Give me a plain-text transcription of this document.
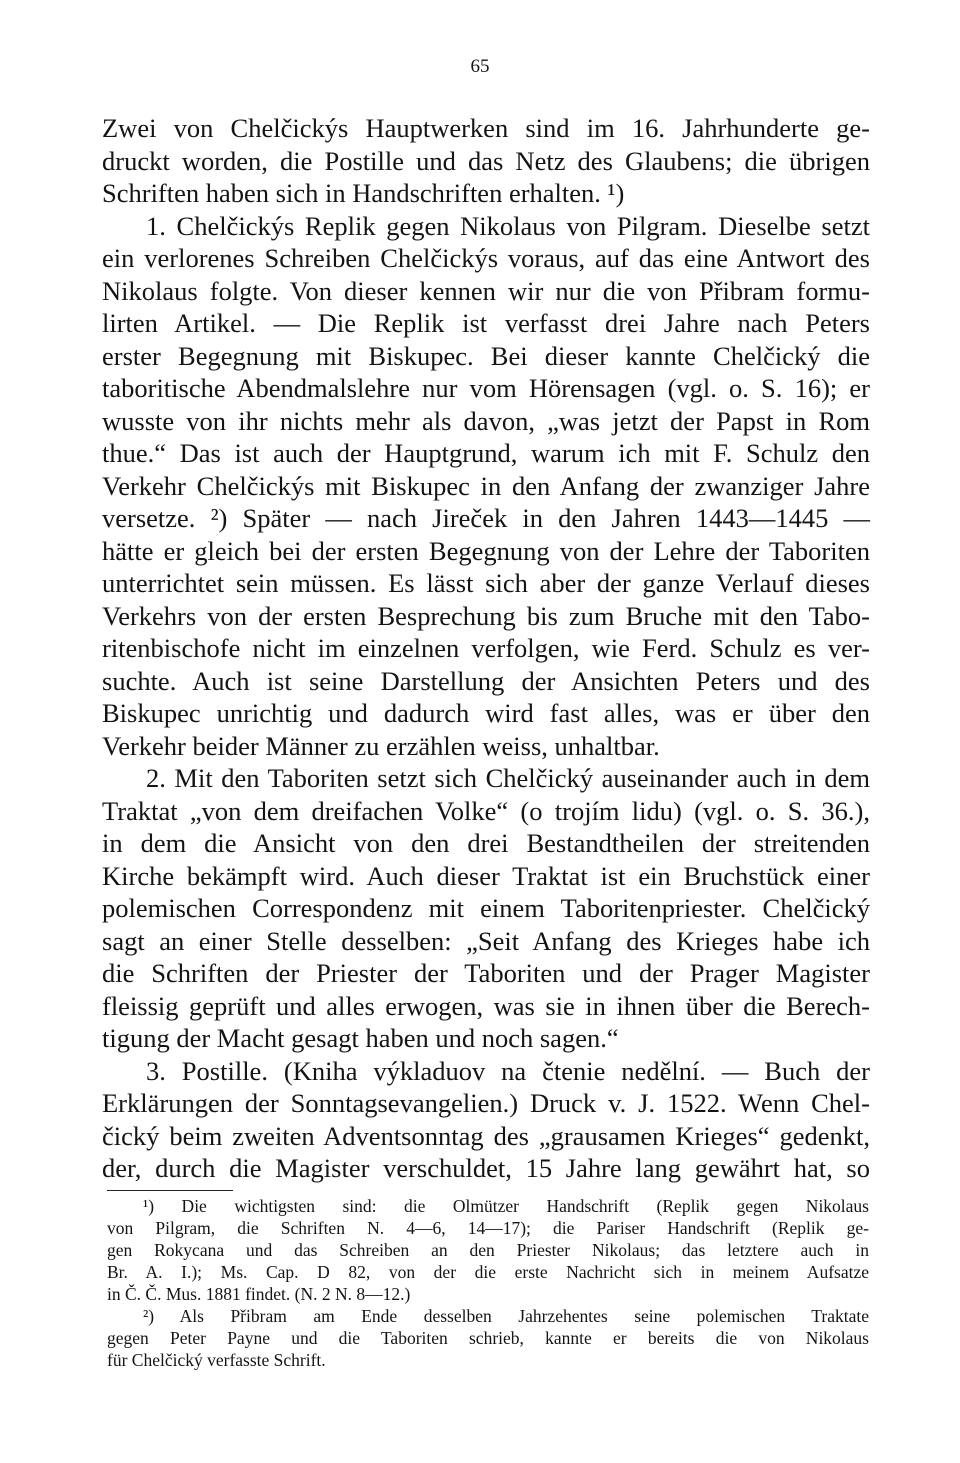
65
Zwei von Chelčickýs Hauptwerken sind im 16. Jahrhunderte ge-
druckt worden, die Postille und das Netz des Glaubens; die übrigen
Schriften haben sich in Handschriften erhalten. ¹)
1. Chelčickýs Replik gegen Nikolaus von Pilgram. Dieselbe setzt
ein verlorenes Schreiben Chelčickýs voraus, auf das eine Antwort des
Nikolaus folgte. Von dieser kennen wir nur die von Přibram formu-
lirten Artikel. — Die Replik ist verfasst drei Jahre nach Peters
erster Begegnung mit Biskupec. Bei dieser kannte Chelčický die
taboritische Abendmalslehre nur vom Hörensagen (vgl. o. S. 16); er
wusste von ihr nichts mehr als davon, „was jetzt der Papst in Rom
thue.“ Das ist auch der Hauptgrund, warum ich mit F. Schulz den
Verkehr Chelčickýs mit Biskupec in den Anfang der zwanziger Jahre
versetze. ²) Später — nach Jireček in den Jahren 1443—1445 —
hätte er gleich bei der ersten Begegnung von der Lehre der Taboriten
unterrichtet sein müssen. Es lässt sich aber der ganze Verlauf dieses
Verkehrs von der ersten Besprechung bis zum Bruche mit den Tabo-
ritenbischofe nicht im einzelnen verfolgen, wie Ferd. Schulz es ver-
suchte. Auch ist seine Darstellung der Ansichten Peters und des
Biskupec unrichtig und dadurch wird fast alles, was er über den
Verkehr beider Männer zu erzählen weiss, unhaltbar.
2. Mit den Taboriten setzt sich Chelčický auseinander auch in dem
Traktat „von dem dreifachen Volke“ (o trojím lidu) (vgl. o. S. 36.),
in dem die Ansicht von den drei Bestandtheilen der streitenden
Kirche bekämpft wird. Auch dieser Traktat ist ein Bruchstück einer
polemischen Correspondenz mit einem Taboritenpriester. Chelčický
sagt an einer Stelle desselben: „Seit Anfang des Krieges habe ich
die Schriften der Priester der Taboriten und der Prager Magister
fleissig geprüft und alles erwogen, was sie in ihnen über die Berech-
tigung der Macht gesagt haben und noch sagen.“
3. Postille. (Kniha výkladuov na čtenie nedělní. — Buch der
Erklärungen der Sonntagsevangelien.) Druck v. J. 1522. Wenn Chel-
čický beim zweiten Adventsonntag des „grausamen Krieges“ gedenkt,
der, durch die Magister verschuldet, 15 Jahre lang gewährt hat, so
¹) Die wichtigsten sind: die Olmützer Handschrift (Replik gegen Nikolaus
von Pilgram, die Schriften N. 4—6, 14—17); die Pariser Handschrift (Replik ge-
gen Rokycana und das Schreiben an den Priester Nikolaus; das letztere auch in
Br. A. I.); Ms. Cap. D 82, von der die erste Nachricht sich in meinem Aufsatze
in Č. Č. Mus. 1881 findet. (N. 2 N. 8—12.)
²) Als Přibram am Ende desselben Jahrzehentes seine polemischen Traktate
gegen Peter Payne und die Taboriten schrieb, kannte er bereits die von Nikolaus
für Chelčický verfasste Schrift.
